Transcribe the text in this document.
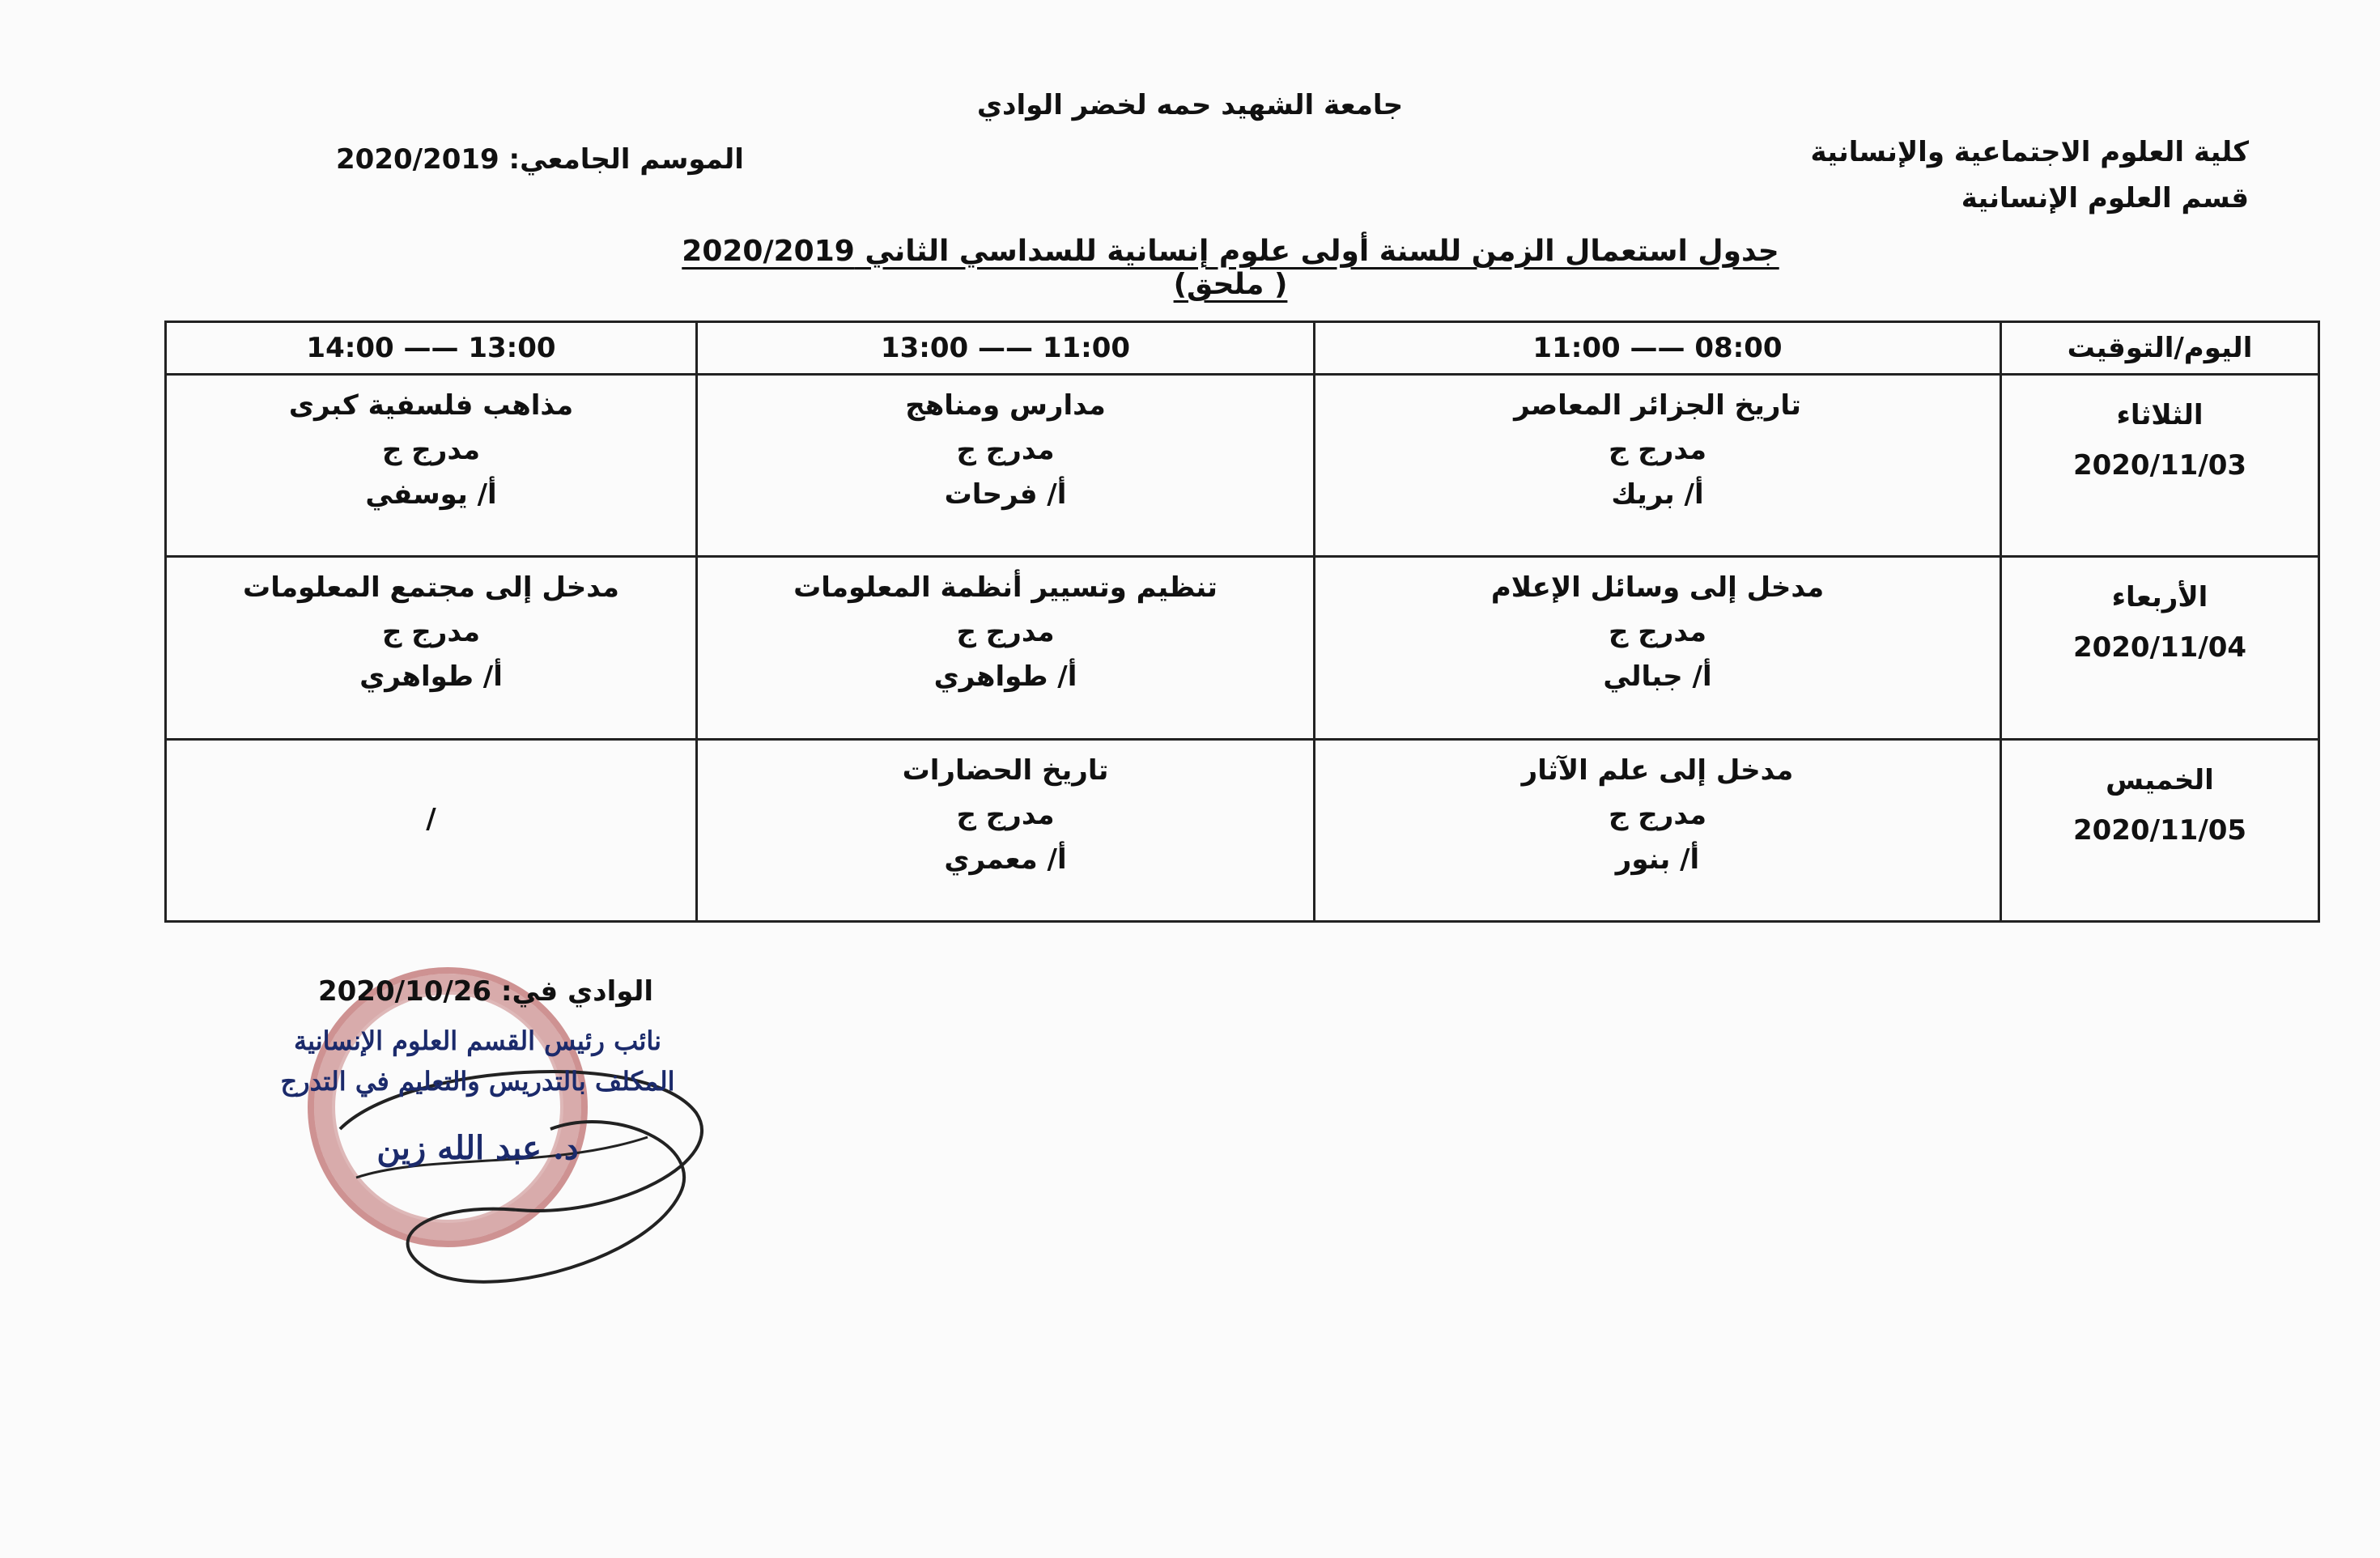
جامعة الشهيد حمه لخضر الوادي
كلية العلوم الاجتماعية والإنسانية
قسم العلوم الإنسانية
الموسم الجامعي: 2020/2019
جدول استعمال الزمن للسنة أولى علوم إنسانية للسداسي الثاني 2020/2019 ( ملحق)
اليوم/التوقيت	08:00 —— 11:00	11:00 —— 13:00	13:00 —— 14:00

الثلاثاء
2020/11/03	تاريخ الجزائر المعاصر
مدرج ج
أ/ بريك	مدارس ومناهج
مدرج ج
أ/ فرحات	مذاهب فلسفية كبرى
مدرج ج
أ/ يوسفي

الأربعاء
2020/11/04	مدخل إلى وسائل الإعلام
مدرج ج
أ/ جبالي	تنظيم وتسيير أنظمة المعلومات
مدرج ج
أ/ طواهري	مدخل إلى مجتمع المعلومات
مدرج ج
أ/ طواهري

الخميس
2020/11/05	مدخل إلى علم الآثار
مدرج ج
أ/ بنور	تاريخ الحضارات
مدرج ج
أ/ معمري	/
الوادي في: 2020/10/26
نائب رئيس القسم العلوم الإنسانية
المكلف بالتدريس والتعليم في التدرج
د. عبد الله زين
